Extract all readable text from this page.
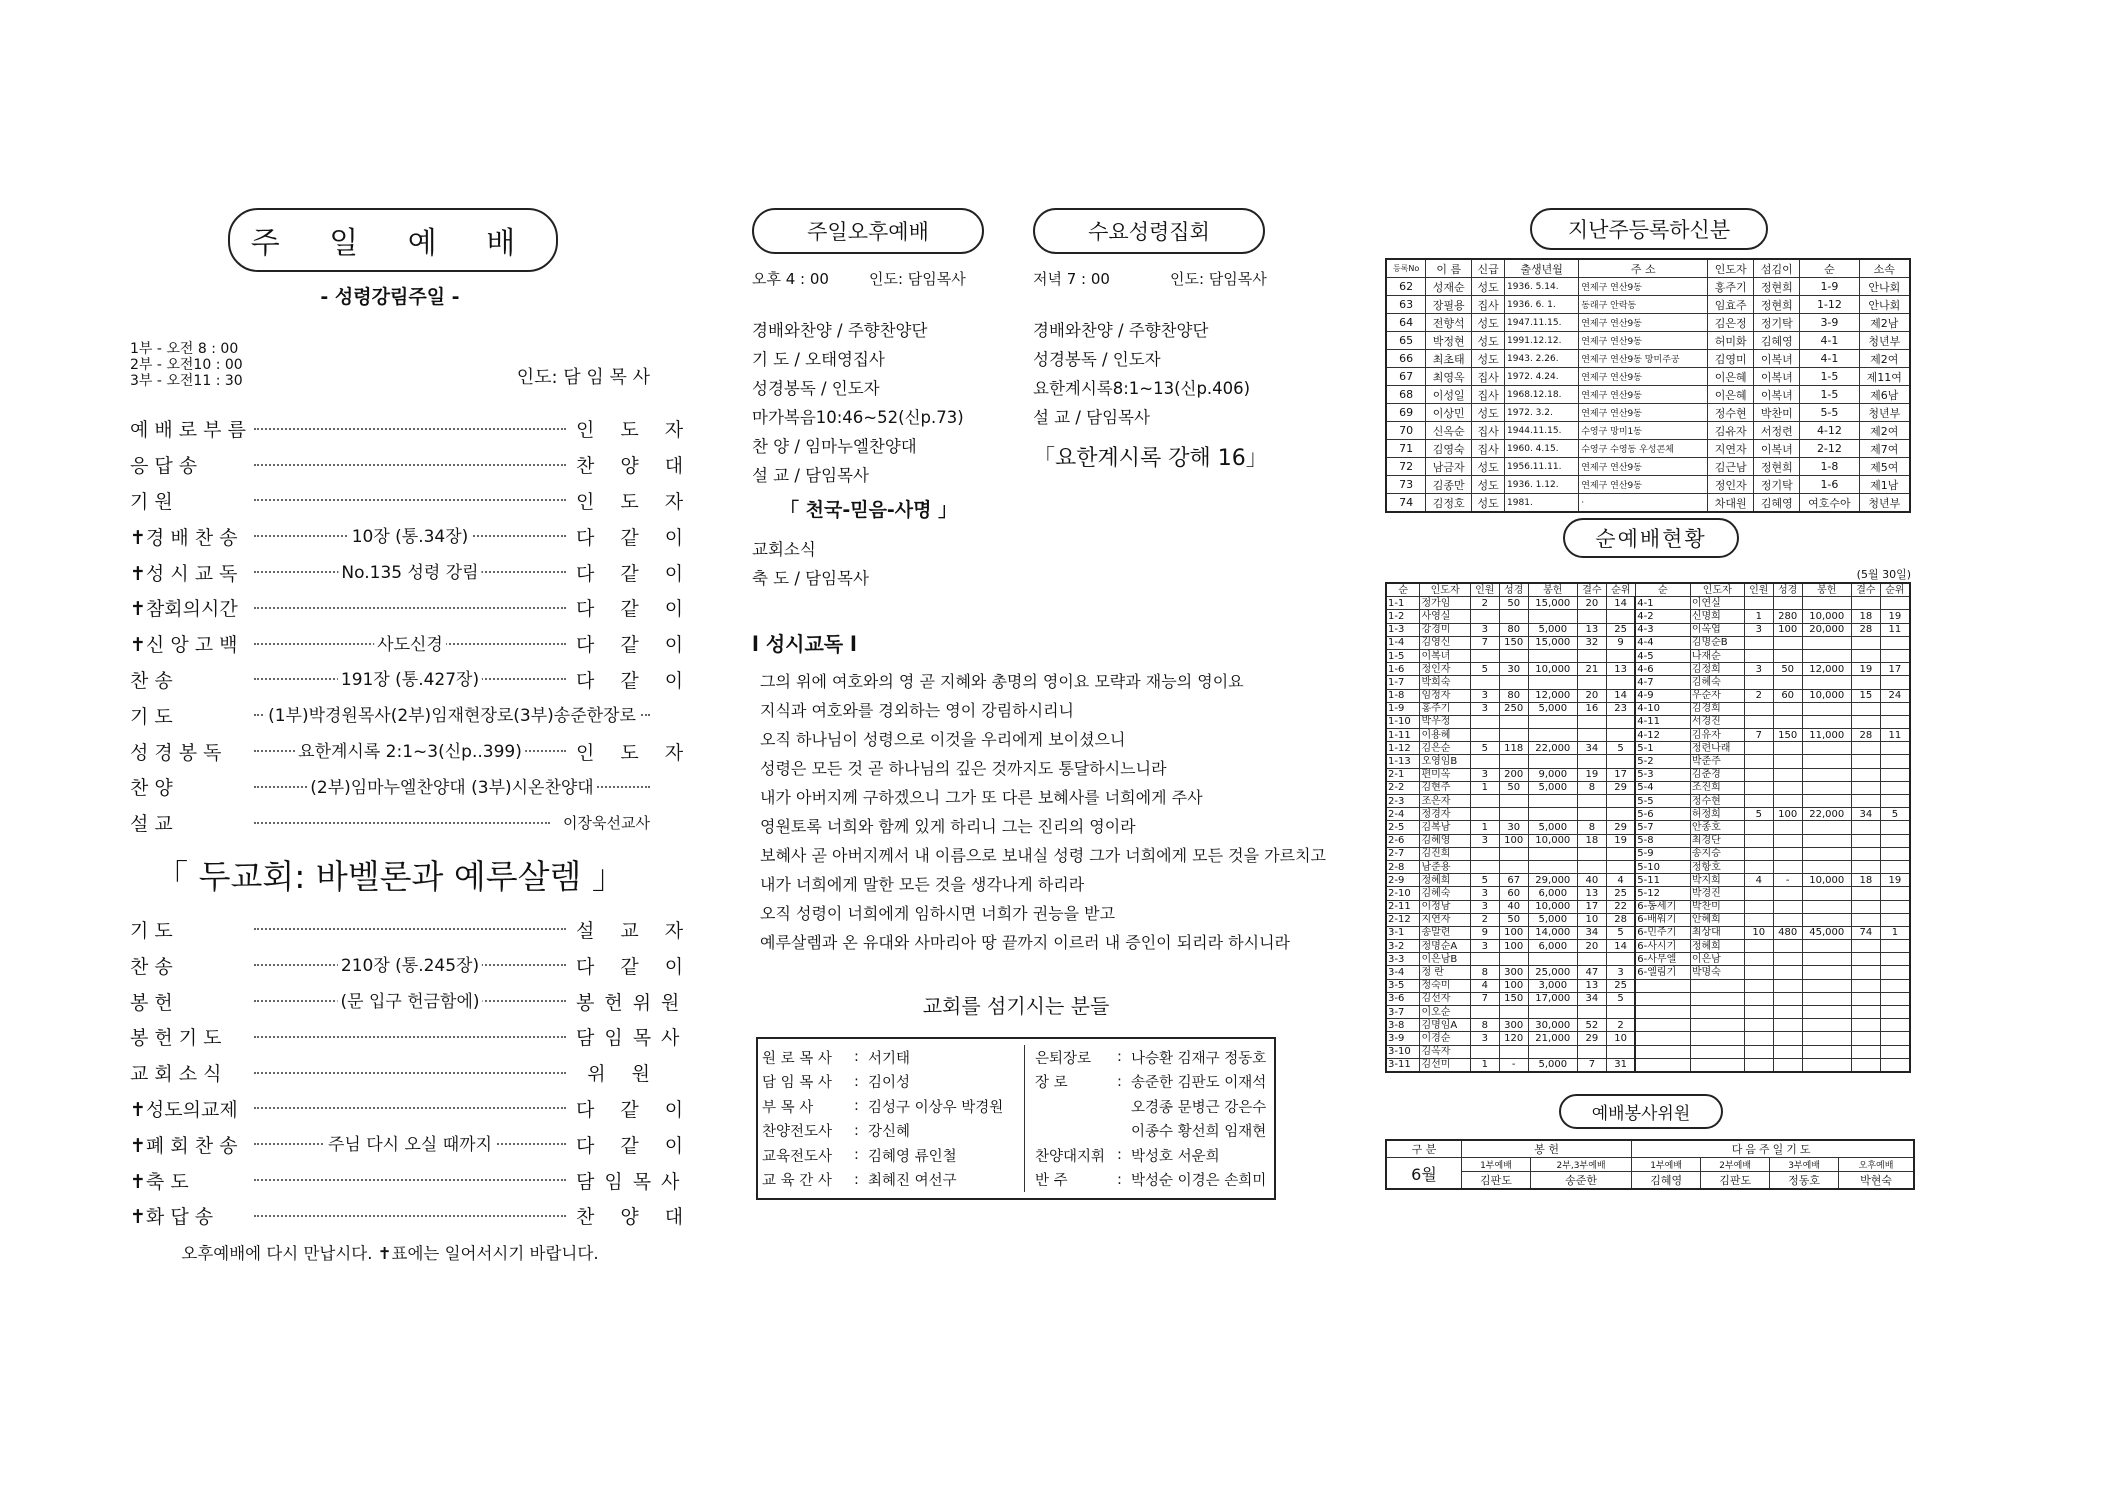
주 일 예 배
- 성령강림주일 -
1부 - 오전 8 : 00
2부 - 오전10 : 00
3부 - 오전11 : 30	인도: 담 임 목 사
예 배 로 부 름	인 도 자
응 답 송	찬 양 대
기 원	인 도 자
✝경 배 찬 송	10장 (통.34장)	다 같 이
✝성 시 교 독	No.135 성령 강림	다 같 이
✝참회의시간	다 같 이
✝신 앙 고 백	사도신경	다 같 이
찬 송	191장 (통.427장)	다 같 이
기 도	(1부)박경원목사(2부)임재현장로(3부)송준한장로
성 경 봉 독	요한계시록 2:1~3(신p..399)	인 도 자
찬 양	(2부)임마누엘찬양대 (3부)시온찬양대
설 교	이장욱선교사
「 두교회: 바벨론과 예루살렘 」
기 도	설 교 자
찬 송	210장 (통.245장)	다 같 이
봉 헌	(문 입구 헌금함에)	봉헌위원
봉 헌 기 도	담임목사
교 회 소 식	위 원
✝성도의교제	다 같 이
✝폐 회 찬 송	주님 다시 오실 때까지	다 같 이
✝축 도	담임목사
✝화 답 송	찬 양 대
오후예배에 다시 만납시다. ✝표에는 일어서시기 바랍니다.
주일오후예배
오후 4 : 00	인도: 담임목사
경배와찬양 / 주향찬양단
기 도 / 오태영집사
성경봉독 / 인도자
마가복음10:46~52(신p.73)
찬 양 / 임마누엘찬양대
설 교 / 담임목사
「 천국-믿음-사명 」
교회소식
축 도 / 담임목사
수요성령집회
저녁 7 : 00	인도: 담임목사
경배와찬양 / 주향찬양단
성경봉독 / 인도자
요한계시록8:1~13(신p.406)
설 교 / 담임목사
「요한계시록 강해 16」
l 성시교독 l
그의 위에 여호와의 영 곧 지혜와 총명의 영이요 모략과 재능의 영이요
지식과 여호와를 경외하는 영이 강림하시리니
오직 하나님이 성령으로 이것을 우리에게 보이셨으니
성령은 모든 것 곧 하나님의 깊은 것까지도 통달하시느니라
내가 아버지께 구하겠으니 그가 또 다른 보혜사를 너희에게 주사
영원토록 너희와 함께 있게 하리니 그는 진리의 영이라
보혜사 곧 아버지께서 내 이름으로 보내실 성령 그가 너희에게 모든 것을 가르치고
내가 너희에게 말한 모든 것을 생각나게 하리라
오직 성령이 너희에게 임하시면 너희가 권능을 받고
예루살렘과 온 유대와 사마리아 땅 끝까지 이르러 내 증인이 되리라 하시니라
교회를 섬기시는 분들
원 로 목 사	: 서기태
담 임 목 사	: 김이성
부 목 사	: 김성구 이상우 박경원
찬양전도사	: 강신혜
교육전도사	: 김혜영 류인철
교 육 간 사	: 최혜진 여선구
은퇴장로	: 나승환 김재구 정동호
장 로	: 송준한 김판도 이재석
오경종 문병근 강은수
이종수 황선희 임재현
찬양대지휘 : 박성호 서운희
반 주	: 박성순 이경은 손희미
지난주등록하신분
등록No	이 름	신급	출생년월	주 소	인도자	섬김이	순	소속
62	성재순	성도	1936. 5.14.	연제구 연산9동	홍주기	정현희	1-9	안나회
63	장필용	집사	1936. 6. 1.	동래구 안락동	임효주	정현희	1-12	안나회
64	전향석	성도	1947.11.15.	연제구 연산9동	김은정	정기탁	3-9	제2남
65	박정현	성도	1991.12.12.	연제구 연산9동	허미화	김혜영	4-1	청년부
66	최초태	성도	1943. 2.26.	연제구 연산9동 망미주공	김영미	이복녀	4-1	제2여
67	최영옥	집사	1972. 4.24.	연제구 연산9동	이은혜	이복녀	1-5	제11여
68	이성일	집사	1968.12.18.	연제구 연산9동	이은혜	이복녀	1-5	제6남
69	이상민	성도	1972. 3.2.	연제구 연산9동	정수현	박찬미	5-5	청년부
70	신옥순	집사	1944.11.15.	수영구 망미1동	김유자	서정련	4-12	제2여
71	김영숙	집사	1960. 4.15.	수영구 수영동 우성콘체	지연자	이복녀	2-12	제7여
72	남금자	성도	1956.11.11.	연제구 연산9동	김근남	정현희	1-8	제5여
73	김종만	성도	1936. 1.12.	연제구 연산9동	정인자	정기탁	1-6	제1남
74	김정호	성도	1981.	·	차대원	김혜영	여호수아	청년부
순예배현황
(5월 30일)
순	인도자	인원	성경	봉헌	결수	순위	순	인도자	인원	성경	봉헌	결수	순위
1-1	정가임	2	50	15,000	20	14	4-1	이연실					
1-2	사영실						4-2	신명희	1	280	10,000	18	19
1-3	강경미	3	80	5,000	13	25	4-3	이옥엽	3	100	20,000	28	11
1-4	김영신	7	150	15,000	32	9	4-4	김명순B					
1-5	이복녀						4-5	나재순					
1-6	정인자	5	30	10,000	21	13	4-6	김정희	3	50	12,000	19	17
1-7	박희숙						4-7	김혜숙					
1-8	임정자	3	80	12,000	20	14	4-9	우순자	2	60	10,000	15	24
1-9	홍주기	3	250	5,000	16	23	4-10	김경희					
1-10	박우정						4-11	서경진					
1-11	이용혜						4-12	김유자	7	150	11,000	28	11
1-12	김은순	5	118	22,000	34	5	5-1	정련나래					
1-13	오영임B						5-2	박준주					
2-1	편미옥	3	200	9,000	19	17	5-3	김춘경					
2-2	김현주	1	50	5,000	8	29	5-4	조진희					
2-3	조은자						5-5	정수현					
2-4	정경자						5-6	허정희	5	100	22,000	34	5
2-5	김복남	1	30	5,000	8	29	5-7	안종호					
2-6	김혜영	3	100	10,000	18	19	5-8	최경단					
2-7	김진희						5-9	송지승					
2-8	남준용						5-10	정항호					
2-9	정혜희	5	67	29,000	40	4	5-11	박지희	4	-	10,000	18	19
2-10	김혜숙	3	60	6,000	13	25	5-12	박경진					
2-11	이정남	3	40	10,000	17	22	6-동세기	박찬미					
2-12	지연자	2	50	5,000	10	28	6-배워기	안혜희					
3-1	송말련	9	100	14,000	34	5	6-민주기	최상대	10	480	45,000	74	1
3-2	정명순A	3	100	6,000	20	14	6-사시기	정혜희					
3-3	이은남B						6-사무엘	이은남					
3-4	정 란	8	300	25,000	47	3	6-엘림기	박명숙					
3-5	정숙미	4	100	3,000	13	25							
3-6	김선자	7	150	17,000	34	5							
3-7	이오순												
3-8	김명임A	8	300	30,000	52	2							
3-9	이경순	3	120	21,000	29	10							
3-10	김옥자												
3-11	김선미	1	-	5,000	7	31							
예배봉사위원
구 분	봉 헌		다음주일기도			
6월	1부예배	2부,3부예배	1부예배	2부예배	3부예배	오후예배
	김판도	송준한	김혜영	김판도	정동호	박현숙
